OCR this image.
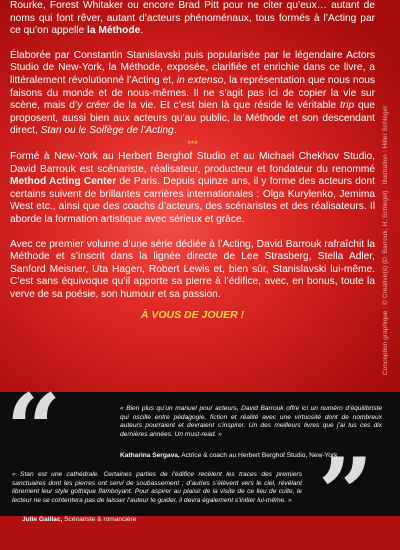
Rourke, Forest Whitaker ou encore Brad Pitt pour ne citer qu’eux… autant de noms qui font rêver, autant d’acteurs phénoménaux, tous formés à l’Acting par ce qu’on appelle la Méthode.

Élaborée par Constantin Stanislavski puis popularisée par le légendaire Actors Studio de New-York, la Méthode, exposée, clarifiée et enrichie dans ce livre, a littéralement révolutionné l’Acting et, in extenso, la représentation que nous nous faisons du monde et de nous-mêmes. Il ne s’agit pas ici de copier la vie sur scène, mais d’y créer de la vie. Et c’est bien là que réside le véritable trip que proposent, aussi bien aux acteurs qu’au public, la Méthode et son descendant direct, Stan ou le Solfège de l’Acting.

***

Formé à New-York au Herbert Berghof Studio et au Michael Chekhov Studio, David Barrouk est scénariste, réalisateur, producteur et fondateur du renommé Method Acting Center de Paris. Depuis quinze ans, il y forme des acteurs dont certains suivent de brillantes carrières internationales : Olga Kurylenko, Jemima West etc., ainsi que des coachs d’acteurs, des scénaristes et des réalisateurs. Il aborde la formation artistique avec sérieux et grâce.

Avec ce premier volume d’une série dédiée à l’Acting, David Barrouk rafraîchit la Méthode et s’inscrit dans la lignée directe de Lee Strasberg, Stella Adler, Sanford Meisner, Uta Hagen, Robert Lewis et, bien sûr, Stanislavski lui-même. C’est sans équivoque qu’il apporte sa pierre à l’édifice, avec, en bonus, toute la verve de sa poésie, son humour et sa passion.

À VOUS DE JOUER !	Conception graphique : © Creative(s) (D. Barrouk, H. Schlegel) · Illustration : Hiller Schlegel
“	« Bien plus qu’un manuel pour acteurs, David Barrouk offre ici un numéro d’équilibriste qui oscille entre pédagogie, fiction et réalité avec une virtuosité dont de nombreux auteurs pourraient et devraient s’inspirer. Un des meilleurs livres que j’ai lus ces dix dernières années. Un must-read. »
Katharina Sergava, Actrice & coach au Herbert Berghof Studio, New-York
« Stan est une cathédrale. Certaines parties de l’édifice recèlent les traces des premiers sanctuaires dont les pierres ont servi de soubassement ; d’autres s’élèvent vers le ciel, révélant librement leur style gothique flamboyant. Pour aspirer au plaisir de la visite de ce lieu de culte, le lecteur ne se contentera pas de laisser l’auteur le guider, il devra également s’initier lui-même. »
Julie Gaillac, Scénariste & romancière	”
